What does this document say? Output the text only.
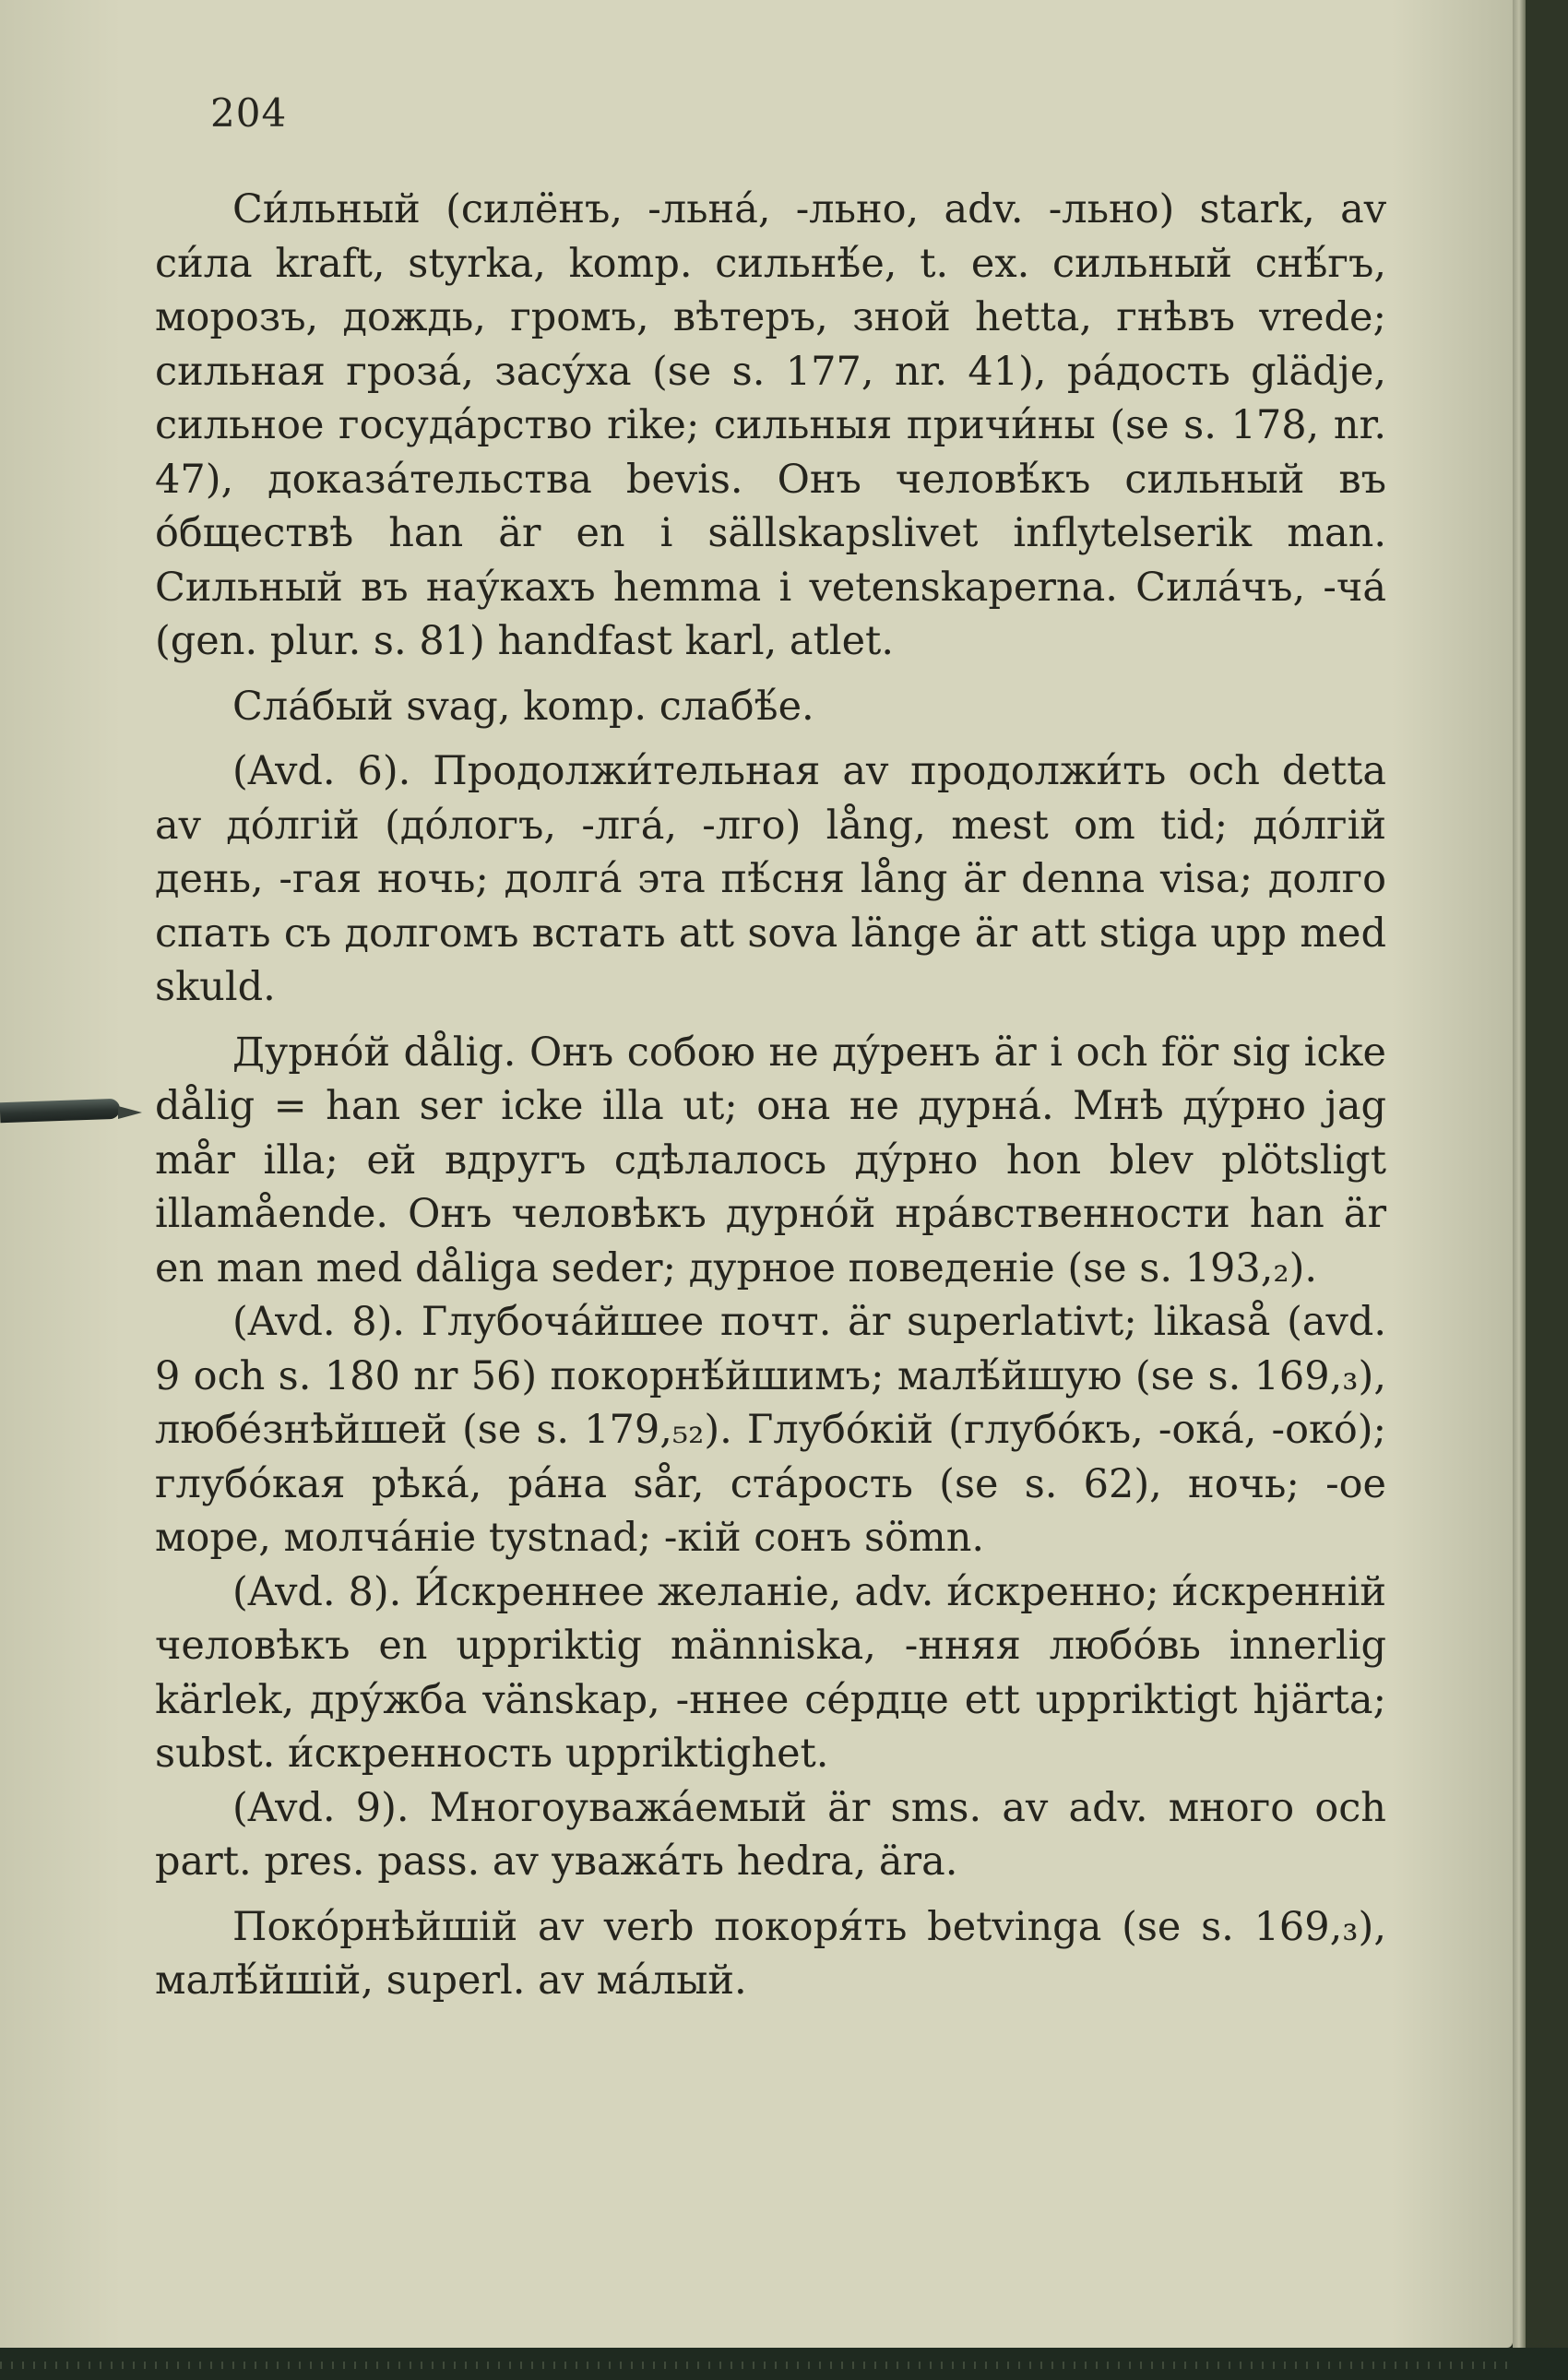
204

Си́льный (силёнъ, -льна́, -льно, adv. -льно) stark, av си́ла kraft, styrka, komp. сильнѣ́е, t. ex. сильный снѣ́гъ, морозъ, дождь, громъ, вѣтеръ, зной hetta, гнѣвъ vrede; сильная гроза́, засу́ха (se s. 177, nr. 41), ра́дость glädje, сильное госуда́рство rike; сильныя причи́ны (se s. 178, nr. 47), доказа́тельства bevis. Онъ человѣ́къ сильный въ о́бществѣ han är en i sällskapslivet inflytelserik man. Сильный въ нау́кахъ hemma i vetenskaperna. Сила́чъ, -ча́ (gen. plur. s. 81) handfast karl, atlet.

Сла́бый svag, komp. слабѣ́е.

(Avd. 6). Продолжи́тельная av продолжи́ть och detta av до́лгій (до́логъ, -лга́, -лго) lång, mest om tid; до́лгій день, -гая ночь; долга́ эта пѣ́сня lång är denna visa; долго спать съ долгомъ встать att sova länge är att stiga upp med skuld.

Дурно́й dålig. Онъ собою не ду́ренъ är i och för sig icke dålig = han ser icke illa ut; она не дурна́. Мнѣ ду́рно jag mår illa; ей вдругъ сдѣлалось ду́рно hon blev plötsligt illamående. Онъ человѣкъ дурно́й нра́вственности han är en man med dåliga seder; дурное поведеніе (se s. 193,₂).

(Avd. 8). Глубоча́йшее почт. är superlativt; likaså (avd. 9 och s. 180 nr 56) покорнѣ́йшимъ; малѣ́йшую (se s. 169,₃), любе́знѣйшей (se s. 179,₅₂). Глубо́кій (глубо́къ, -ока́, -око́); глубо́кая рѣка́, ра́на sår, ста́рость (se s. 62), ночь; -ое море, молча́ніе tystnad; -кій сонъ sömn.

(Avd. 8). И́скреннее желаніе, adv. и́скренно; и́скренній человѣкъ en uppriktig människa, -нняя любо́вь innerlig kärlek, дру́жба vänskap, -ннее се́рдце ett uppriktigt hjärta; subst. и́скренность uppriktighet.

(Avd. 9). Многоуважа́емый är sms. av adv. много och part. pres. pass. av уважа́ть hedra, ära.

Поко́рнѣйшій av verb покоря́ть betvinga (se s. 169,₃), малѣ́йшій, superl. av ма́лый.
